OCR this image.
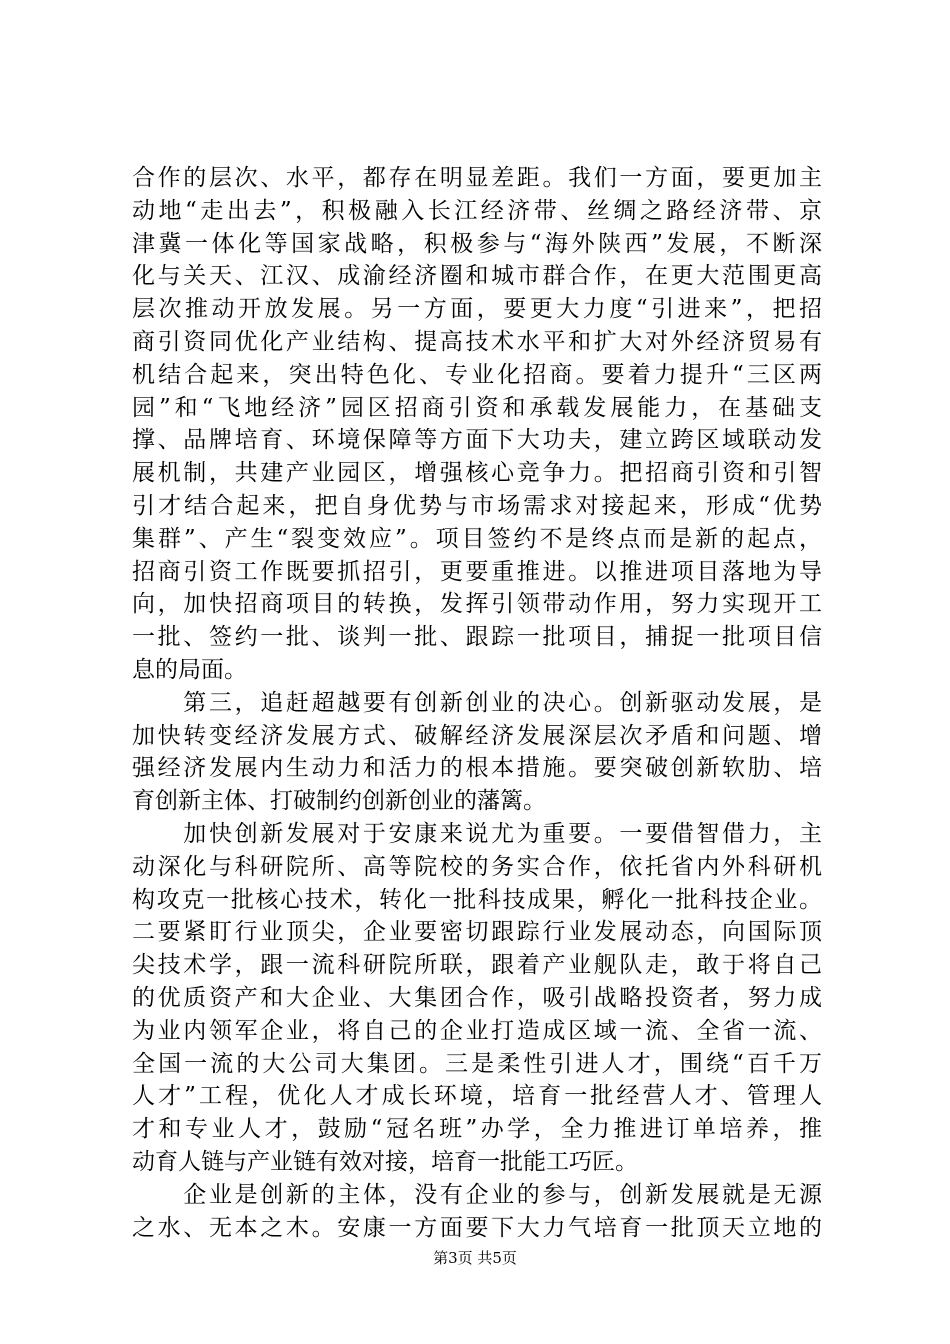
合作的层次、水平，都存在明显差距。我们一方面，要更加主
动地“走出去”，积极融入长江经济带、丝绸之路经济带、京
津冀一体化等国家战略，积极参与“海外陕西”发展，不断深
化与关天、江汉、成渝经济圈和城市群合作，在更大范围更高
层次推动开放发展。另一方面，要更大力度“引进来”，把招
商引资同优化产业结构、提高技术水平和扩大对外经济贸易有
机结合起来，突出特色化、专业化招商。要着力提升“三区两
园”和“飞地经济”园区招商引资和承载发展能力，在基础支
撑、品牌培育、环境保障等方面下大功夫，建立跨区域联动发
展机制，共建产业园区，增强核心竞争力。把招商引资和引智
引才结合起来，把自身优势与市场需求对接起来，形成“优势
集群”、产生“裂变效应”。项目签约不是终点而是新的起点，
招商引资工作既要抓招引，更要重推进。以推进项目落地为导
向，加快招商项目的转换，发挥引领带动作用，努力实现开工
一批、签约一批、谈判一批、跟踪一批项目，捕捉一批项目信
息的局面。
　　第三，追赶超越要有创新创业的决心。创新驱动发展，是
加快转变经济发展方式、破解经济发展深层次矛盾和问题、增
强经济发展内生动力和活力的根本措施。要突破创新软肋、培
育创新主体、打破制约创新创业的藩篱。
　　加快创新发展对于安康来说尤为重要。一要借智借力，主
动深化与科研院所、高等院校的务实合作，依托省内外科研机
构攻克一批核心技术，转化一批科技成果，孵化一批科技企业。
二要紧盯行业顶尖，企业要密切跟踪行业发展动态，向国际顶
尖技术学，跟一流科研院所联，跟着产业舰队走，敢于将自己
的优质资产和大企业、大集团合作，吸引战略投资者，努力成
为业内领军企业，将自己的企业打造成区域一流、全省一流、
全国一流的大公司大集团。三是柔性引进人才，围绕“百千万
人才”工程，优化人才成长环境，培育一批经营人才、管理人
才和专业人才，鼓励“冠名班”办学，全力推进订单培养，推
动育人链与产业链有效对接，培育一批能工巧匠。
　　企业是创新的主体，没有企业的参与，创新发展就是无源
之水、无本之木。安康一方面要下大力气培育一批顶天立地的
第3页 共5页
